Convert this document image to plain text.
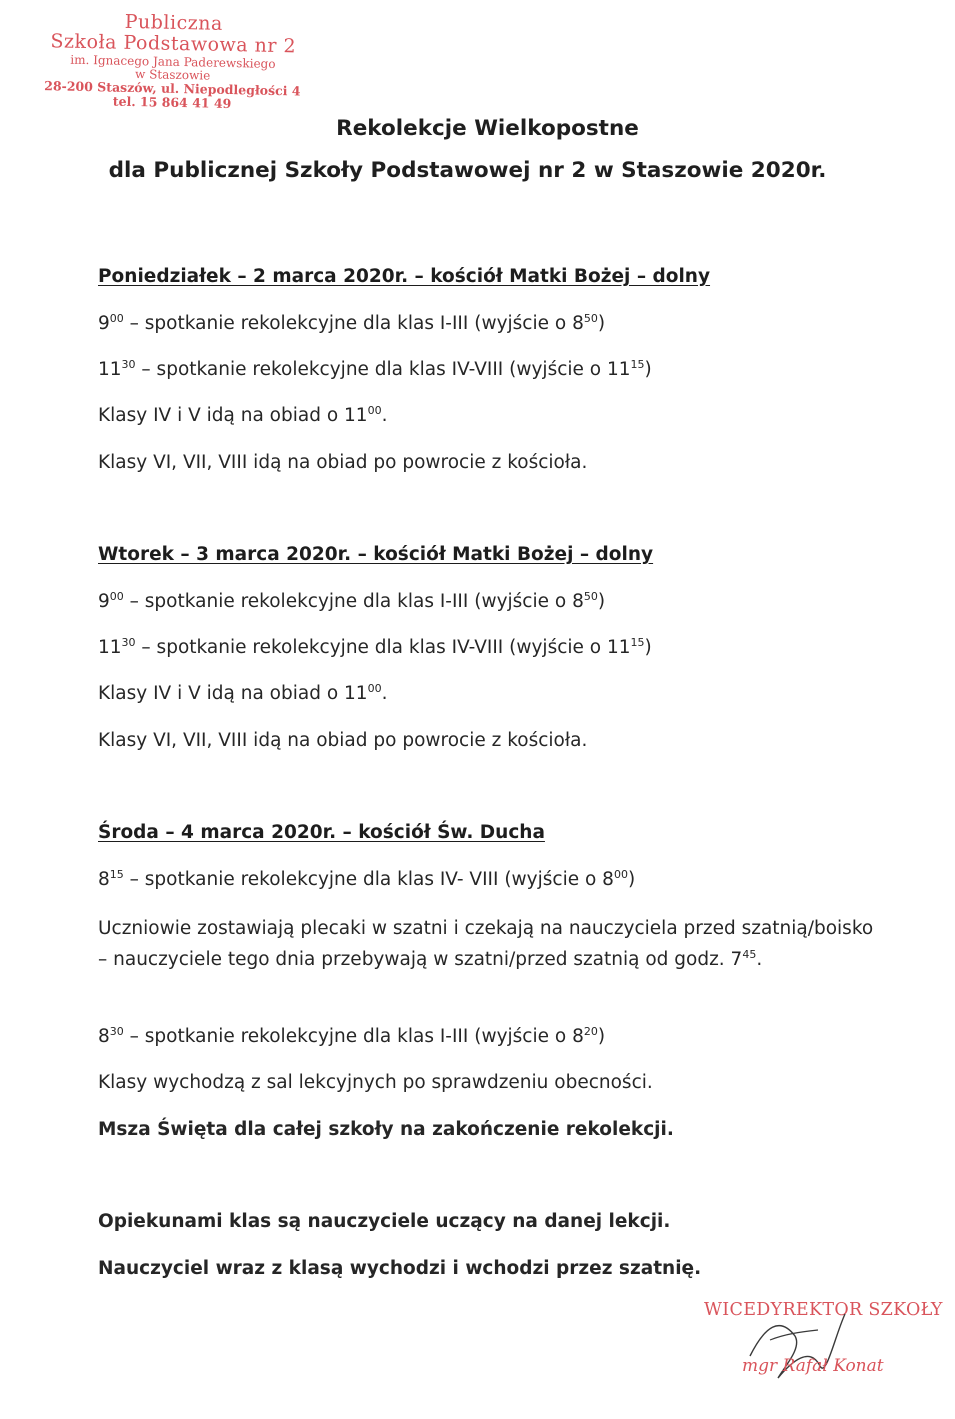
Publiczna
Szkoła Podstawowa nr 2
im. Ignacego Jana Paderewskiego
w Staszowie
28-200 Staszów, ul. Niepodległości 4
tel. 15 864 41 49
Rekolekcje Wielkopostne
dla Publicznej Szkoły Podstawowej nr 2 w Staszowie 2020r.
Poniedziałek – 2 marca 2020r. – kościół Matki Bożej – dolny
$9^{00}$ – spotkanie rekolekcyjne dla klas I-III (wyjście o $8^{50}$)
$11^{30}$ – spotkanie rekolekcyjne dla klas IV-VIII (wyjście o $11^{15}$)
Klasy IV i V idą na obiad o $11^{00}$.
Klasy VI, VII, VIII idą na obiad po powrocie z kościoła.
Wtorek – 3 marca 2020r. – kościół Matki Bożej – dolny
$9^{00}$ – spotkanie rekolekcyjne dla klas I-III (wyjście o $8^{50}$)
$11^{30}$ – spotkanie rekolekcyjne dla klas IV-VIII (wyjście o $11^{15}$)
Klasy IV i V idą na obiad o $11^{00}$.
Klasy VI, VII, VIII idą na obiad po powrocie z kościoła.
Środa – 4 marca 2020r. – kościół Św. Ducha
$8^{15}$ – spotkanie rekolekcyjne dla klas IV- VIII (wyjście o $8^{00}$)
Uczniowie zostawiają plecaki w szatni i czekają na nauczyciela przed szatnią/boisko – nauczyciele tego dnia przebywają w szatni/przed szatnią od godz. $7^{45}$.
$8^{30}$ – spotkanie rekolekcyjne dla klas I-III (wyjście o $8^{20}$)
Klasy wychodzą z sal lekcyjnych po sprawdzeniu obecności.
Msza Święta dla całej szkoły na zakończenie rekolekcji.
Opiekunami klas są nauczyciele uczący na danej lekcji.
Nauczyciel wraz z klasą wychodzi i wchodzi przez szatnię.
WICEDYREKTOR SZKOŁY
mgr Rafał Konat
